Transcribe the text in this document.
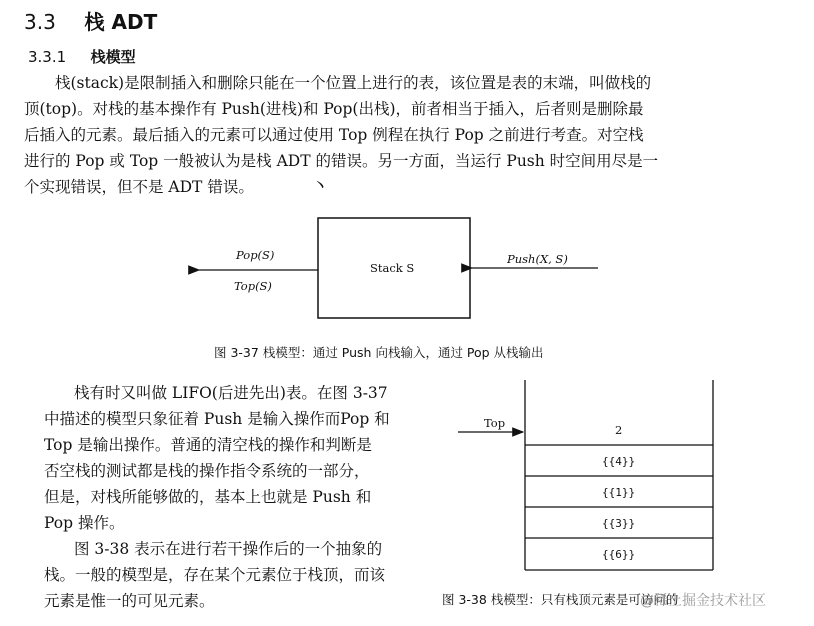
3.3 栈 ADT
3.3.1 栈模型
栈(stack)是限制插入和删除只能在一个位置上进行的表，该位置是表的末端，叫做栈的
顶(top)。对栈的基本操作有 Push(进栈)和 Pop(出栈)，前者相当于插入，后者则是删除最
后插入的元素。最后插入的元素可以通过使用 Top 例程在执行 Pop 之前进行考查。对空栈
进行的 Pop 或 Top 一般被认为是栈 ADT 的错误。另一方面，当运行 Push 时空间用尽是一
个实现错误，但不是 ADT 错误。	丶
Stack S
Pop(S)
Top(S)
Push(X, S)
2
{{4}}
{{1}}
{{3}}
{{6}}
Top
图 3-37 栈模型：通过 Push 向栈输入，通过 Pop 从栈输出
栈有时又叫做 LIFO(后进先出)表。在图 3-37
中描述的模型只象征着 Push 是输入操作而Pop 和
Top 是输出操作。普通的清空栈的操作和判断是
否空栈的测试都是栈的操作指令系统的一部分，
但是，对栈所能够做的，基本上也就是 Push 和
Pop 操作。
图 3-38 表示在进行若干操作后的一个抽象的
栈。一般的模型是，存在某个元素位于栈顶，而该
元素是惟一的可见元素。	图 3-38 栈模型：只有栈顶元素是可访问的
@稀土掘金技术社区
